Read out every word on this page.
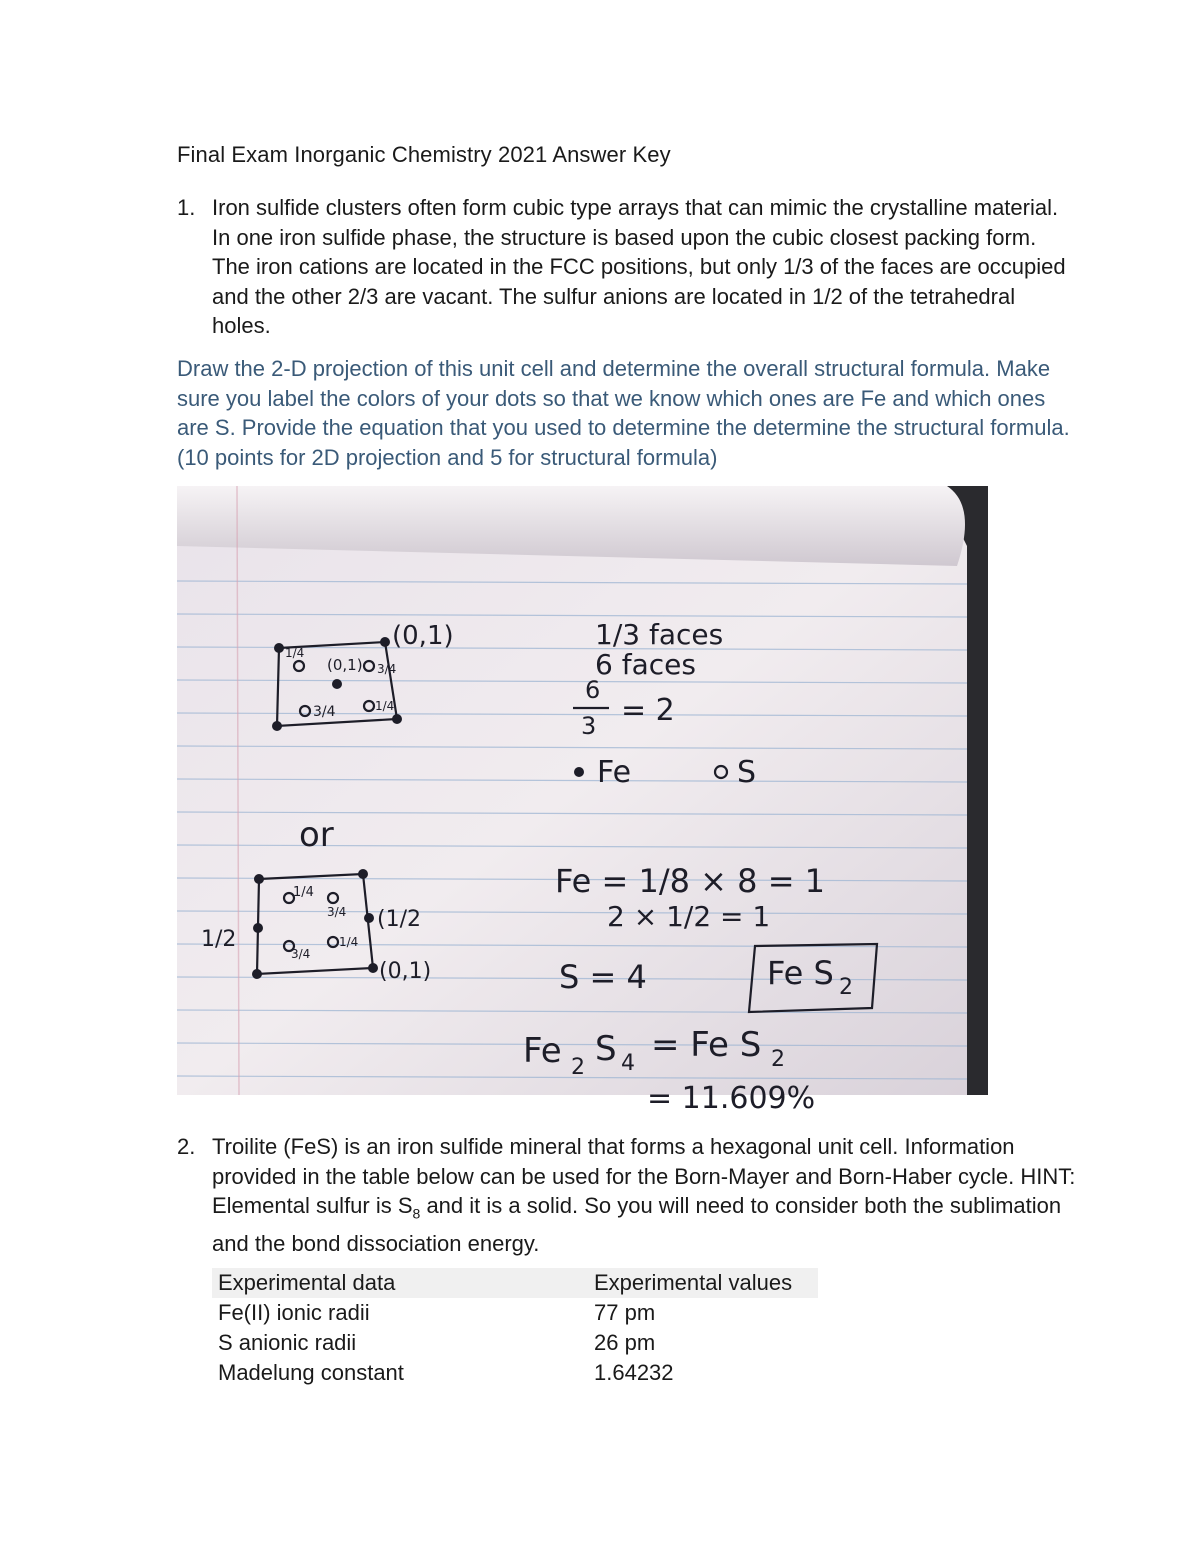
Final Exam Inorganic Chemistry 2021 Answer Key
1. Iron sulfide clusters often form cubic type arrays that can mimic the crystalline material. In one iron sulfide phase, the structure is based upon the cubic closest packing form. The iron cations are located in the FCC positions, but only 1/3 of the faces are occupied and the other 2/3 are vacant. The sulfur anions are located in 1/2 of the tetrahedral holes.
Draw the 2-D projection of this unit cell and determine the overall structural formula. Make sure you label the colors of your dots so that we know which ones are Fe and which ones are S. Provide the equation that you used to determine the determine the structural formula. (10 points for 2D projection and 5 for structural formula)
(0,1)
(0,1)
1/4
3/4
3/4	1/4
or
1/4
3/4
3/4
1/4
(1/2
1/2
(0,1)
1/3 faces
6 faces
6
3 = 2
Fe	S
Fe = 1/8 × 8 = 1
2 × 1/2 = 1
S = 4	Fe S 2
Fe 2 S 4 = Fe S 2
= 11.609%
2. Troilite (FeS) is an iron sulfide mineral that forms a hexagonal unit cell. Information provided in the table below can be used for the Born-Mayer and Born-Haber cycle. HINT: Elemental sulfur is $S_8$ and it is a solid. So you will need to consider both the sublimation and the bond dissociation energy.
Experimental data	Experimental values
Fe(II) ionic radii	77 pm
S anionic radii	26 pm
Madelung constant	1.64232
